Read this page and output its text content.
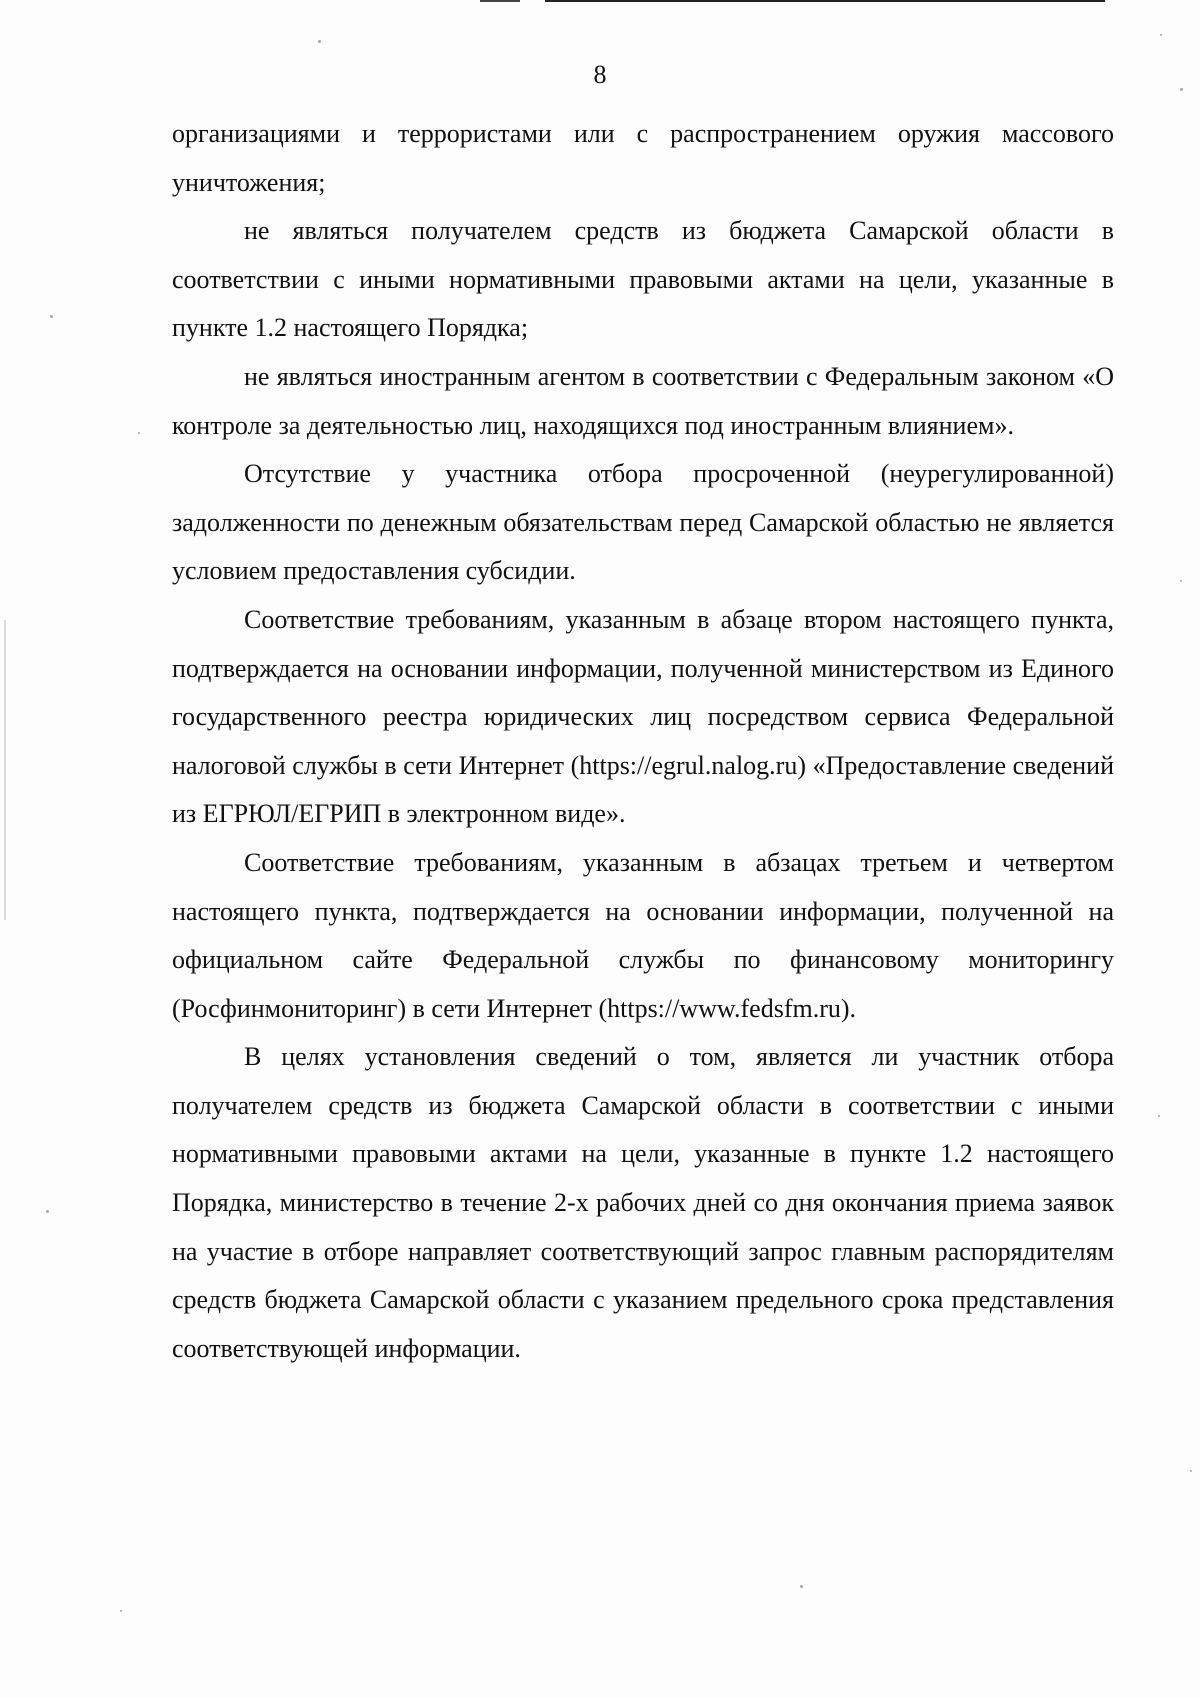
8

организациями и террористами или с распространением оружия массового уничтожения;

не являться получателем средств из бюджета Самарской области в соответствии с иными нормативными правовыми актами на цели, указанные в пункте 1.2 настоящего Порядка;

не являться иностранным агентом в соответствии с Федеральным законом «О контроле за деятельностью лиц, находящихся под иностранным влиянием».

Отсутствие у участника отбора просроченной (неурегулированной) задолженности по денежным обязательствам перед Самарской областью не является условием предоставления субсидии.

Соответствие требованиям, указанным в абзаце втором настоящего пункта, подтверждается на основании информации, полученной министерством из Единого государственного реестра юридических лиц посредством сервиса Федеральной налоговой службы в сети Интернет (https://egrul.nalog.ru) «Предоставление сведений из ЕГРЮЛ/ЕГРИП в электронном виде».

Соответствие требованиям, указанным в абзацах третьем и четвертом настоящего пункта, подтверждается на основании информации, полученной на официальном сайте Федеральной службы по финансовому мониторингу (Росфинмониторинг) в сети Интернет (https://www.fedsfm.ru).

В целях установления сведений о том, является ли участник отбора получателем средств из бюджета Самарской области в соответствии с иными нормативными правовыми актами на цели, указанные в пункте 1.2 настоящего Порядка, министерство в течение 2-х рабочих дней со дня окончания приема заявок на участие в отборе направляет соответствующий запрос главным распорядителям средств бюджета Самарской области с указанием предельного срока представления соответствующей информации.
